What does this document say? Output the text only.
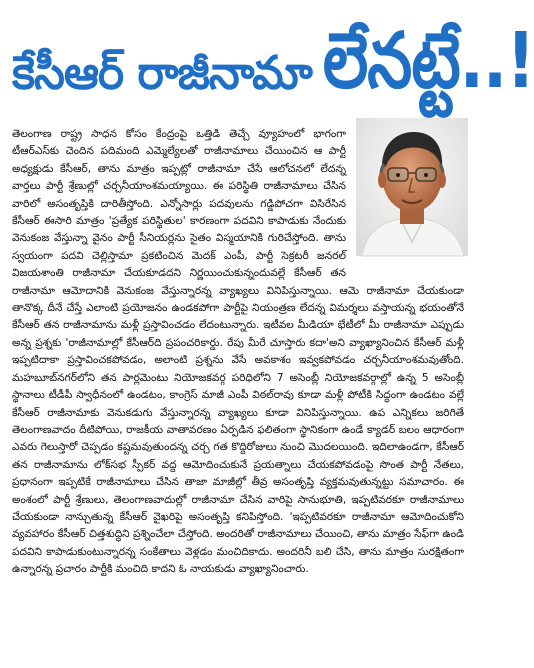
కేసీఆర్ రాజీనామా లేనట్టే..!
తెలంగాణ రాష్ట్ర సాధన కోసం కేంద్రంపై ఒత్తిడి తెచ్చే వ్యూహంలో భాగంగా టీఆర్ఎస్‌కు చెందిన పదిమంది ఎమ్మెల్యేలతో రాజీనామాలు చేయించిన ఆ పార్టీ అధ్యక్షుడు కేసీఆర్, తాను మాత్రం ఇప్పట్లో రాజీనామా చేసే ఆలోచనలో లేదన్న వార్తలు పార్టీ శ్రేణుల్లో చర్చనీయాంశమయ్యాయి. ఈ పరిస్థితి రాజీనామాలు చేసిన వారిలో అసంతృప్తికి దారితీస్తోంది. ఎన్నోసార్లు పదవులను గడ్డిపోచగా విసిరేసిన కేసీఆర్ ఈసారి మాత్రం 'ప్రత్యేక పరిస్థితుల' కారణంగా పదవిని కాపాడుకు నేందుకు వెనుకంజ వేస్తున్నా వైనం పార్టీ సీనియర్లను సైతం విస్మయానికి గురిచేస్తోంది. తాను స్వయంగా పదవి చెల్లిస్తామా ప్రకటించిన మెదక్ ఎంపీ, పార్టీ సెక్రటరీ జనరల్ విజయశాంతి రాజీనామా చేయకూడదని నిర్ణయించుకున్నందువల్లే కేసీఆర్ తన రాజీనామా ఆమోదానికి వెనుకంజ వేస్తున్నారన్న వ్యాఖ్యలు వినిపిస్తున్నాయి. ఆమె రాజీనామా చేయకుండా తానొక్క దీనే చేస్తే ఎలాంటి ప్రయోజనం ఉండకపోగా పార్టీపై నియంత్రణ లేదన్న విమర్శలు వస్తాయన్న భయంతోనే కేసీఆర్ తన రాజీనామాను మళ్లీ ప్రస్తావించడం లేదంటున్నారు. ఇటీవల మీడియా భేటీలో మీ రాజీనామా ఎప్పుడు అన్న ప్రశ్నకు 'రాజీనామాల్లో కేసీఆర్‌ది ప్రపంచరికార్డు. రేపు మీరే చూస్తారు కదా'అని వ్యాఖ్యానించిన కేసీఆర్ మళ్లీ ఇప్పటిదాకా ప్రస్తావించకపోవడం, అలాంటి ప్రశ్నను వేసే అవకాశం ఇవ్వకపోవడం చర్చనీయాంశమవుతోంది. మహబూబ్‌నగర్‌లోని తన పార్లమెంటు నియోజకవర్గ పరిధిలోని 7 అసెంబ్లీ నియోజకవర్గాల్లో ఉన్న 5 అసెంబ్లీ స్థానాలు టీడీపీ స్వాధీనంలో ఉండటం, కాంగ్రెస్ మాజీ ఎంపీ విఠల్‌రావు కూడా మళ్లీ పోటీకి సిద్ధంగా ఉండటం వల్లే కేసీఆర్ రాజీనామాకు వెనుకడుగు వేస్తున్నారన్న వ్యాఖ్యలు కూడా వినిపిస్తున్నాయి. ఉప ఎన్నికలు జరిగితే తెలంగాణవాదం దీటిపోయి, రాజకీయ వాతావరణం ఏర్పడిన ఫలితంగా స్థానికంగా ఉండే క్యాడర్ బలం ఆధారంగా ఎవరు గెలుస్తారో చెప్పడం కష్టమవుతుందన్న చర్చ గత కొద్దిరోజులు నుంచి మొదలయింది. ఇదిలాఉండగా, కేసీఆర్ తన రాజీనామాను లోక్‌సభ స్పీకర్ వద్ద ఆమోదించుకునే ప్రయత్నాలు చేయకపోవడంపై సొంత పార్టీ నేతలు, ప్రధానంగా ఇప్పటికే రాజీనామాలు చేసిన తాజా మాజీల్లో తీవ్ర అసంతృప్తి వ్యక్తమవుతున్నట్టు సమాచారం. ఈ అంశంలో పార్టీ శ్రేణులు, తెలంగాణవాదుల్లో రాజీనామా చేసిన వారిపై సానుభూతి, ఇప్పటివరకూ రాజీనామాలు చేయకుండా నాన్చుతున్న కేసీఆర్ వైఖరిపై అసంతృప్తి కనిపిస్తోంది. 'ఇప్పటివరకూ రాజీనామా ఆమోదించుకోని వ్యవహారం కేసీఆర్ చిత్తశుద్ధిని ప్రశ్నించేలా చేస్తోంది. అందరితో రాజీనామాలు చేయించి, తాను మాత్రం సేఫ్‌గా ఉండి పదవిని కాపాడుకుంటున్నారన్న సంకేతాలు వెళ్లడం మంచిదికాదు. అందరినీ బలి చేసి, తాను మాత్రం సురక్షితంగా ఉన్నారన్న ప్రచారం పార్టీకి మంచిది కాదని ఓ నాయకుడు వ్యాఖ్యానించారు.
